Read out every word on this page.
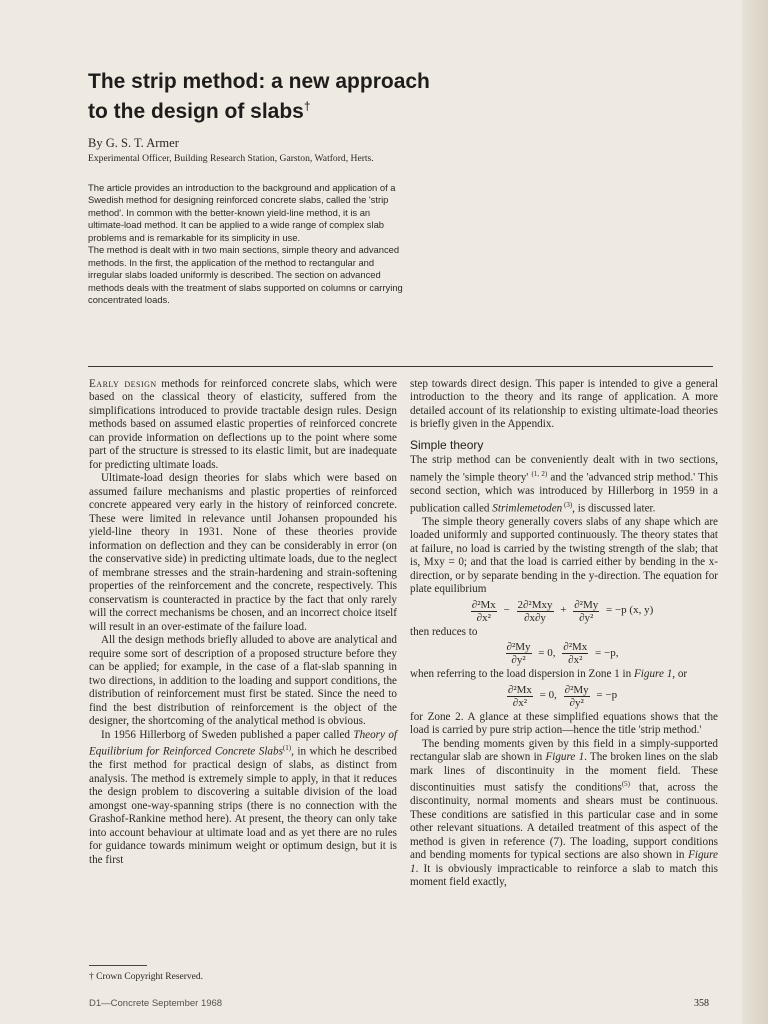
The strip method: a new approach
to the design of slabs†
By G. S. T. Armer
Experimental Officer, Building Research Station, Garston, Watford, Herts.

The article provides an introduction to the background and application of a Swedish method for designing reinforced concrete slabs, called the 'strip method'. In common with the better-known yield-line method, it is an ultimate-load method. It can be applied to a wide range of complex slab problems and is remarkable for its simplicity in use.

The method is dealt with in two main sections, simple theory and advanced methods. In the first, the application of the method to rectangular and irregular slabs loaded uniformly is described. The section on advanced methods deals with the treatment of slabs supported on columns or carrying concentrated loads.

Early design methods for reinforced concrete slabs, which were based on the classical theory of elasticity, suffered from the simplifications introduced to provide tractable design rules. Design methods based on assumed elastic properties of reinforced concrete can provide information on deflections up to the point where some part of the structure is stressed to its elastic limit, but are inadequate for predicting ultimate loads.

Ultimate-load design theories for slabs which were based on assumed failure mechanisms and plastic properties of reinforced concrete appeared very early in the history of reinforced concrete. These were limited in relevance until Johansen propounded his yield-line theory in 1931. None of these theories provide information on deflection and they can be considerably in error (on the conservative side) in predicting ultimate loads, due to the neglect of membrane stresses and the strain-hardening and strain-softening properties of the reinforcement and the concrete, respectively. This conservatism is counteracted in practice by the fact that only rarely will the correct mechanisms be chosen, and an incorrect choice itself will result in an over-estimate of the failure load.

All the design methods briefly alluded to above are analytical and require some sort of description of a proposed structure before they can be applied; for example, in the case of a flat-slab spanning in two directions, in addition to the loading and support conditions, the distribution of reinforcement must first be stated. Since the need to find the best distribution of reinforcement is the object of the designer, the shortcoming of the analytical method is obvious.

In 1956 Hillerborg of Sweden published a paper called Theory of Equilibrium for Reinforced Concrete Slabs$^{(1)}$, in which he described the first method for practical design of slabs, as distinct from analysis. The method is extremely simple to apply, in that it reduces the design problem to discovering a suitable division of the load amongst one-way-spanning strips (there is no connection with the Grashof-Rankine method here). At present, the theory can only take into account behaviour at ultimate load and as yet there are no rules for guidance towards minimum weight or optimum design, but it is the first

step towards direct design. This paper is intended to give a general introduction to the theory and its range of application. A more detailed account of its relationship to existing ultimate-load theories is briefly given in the Appendix.

Simple theory

The strip method can be conveniently dealt with in two sections, namely the 'simple theory' $^{(1, 2)}$ and the 'advanced strip method.' This second section, which was introduced by Hillerborg in 1959 in a publication called Strimlemetoden $^{(3)}$, is discussed later.

The simple theory generally covers slabs of any shape which are loaded uniformly and supported continuously. The theory states that at failure, no load is carried by the twisting strength of the slab; that is, Mxy = 0; and that the load is carried either by bending in the x-direction, or by separate bending in the y-direction. The equation for plate equilibrium

$\frac{\text{∂²Mx}}{\text{∂x²}} - \frac{\text{2∂²Mxy}}{\partial x\partial y} + \frac{\text{∂²My}}{\text{∂y²}} = -p$ (x, y)

then reduces to

$\frac{\text{∂²My}}{\text{∂y²}} = 0$, $\frac{\text{∂²Mx}}{\text{∂x²}} = -p$,

when referring to the load dispersion in Zone 1 in Figure 1, or

$\frac{\text{∂²Mx}}{\text{∂x²}} = 0$, $\frac{\text{∂²My}}{\text{∂y²}} = -p$

for Zone 2. A glance at these simplified equations shows that the load is carried by pure strip action—hence the title 'strip method.'

The bending moments given by this field in a simply-supported rectangular slab are shown in Figure 1. The broken lines on the slab mark lines of discontinuity in the moment field. These discontinuities must satisfy the conditions$^{(5)}$ that, across the discontinuity, normal moments and shears must be continuous. These conditions are satisfied in this particular case and in some other relevant situations. A detailed treatment of this aspect of the method is given in reference (7). The loading, support conditions and bending moments for typical sections are also shown in Figure 1. It is obviously impracticable to reinforce a slab to match this moment field exactly,

† Crown Copyright Reserved.
D1—Concrete September 1968	358
